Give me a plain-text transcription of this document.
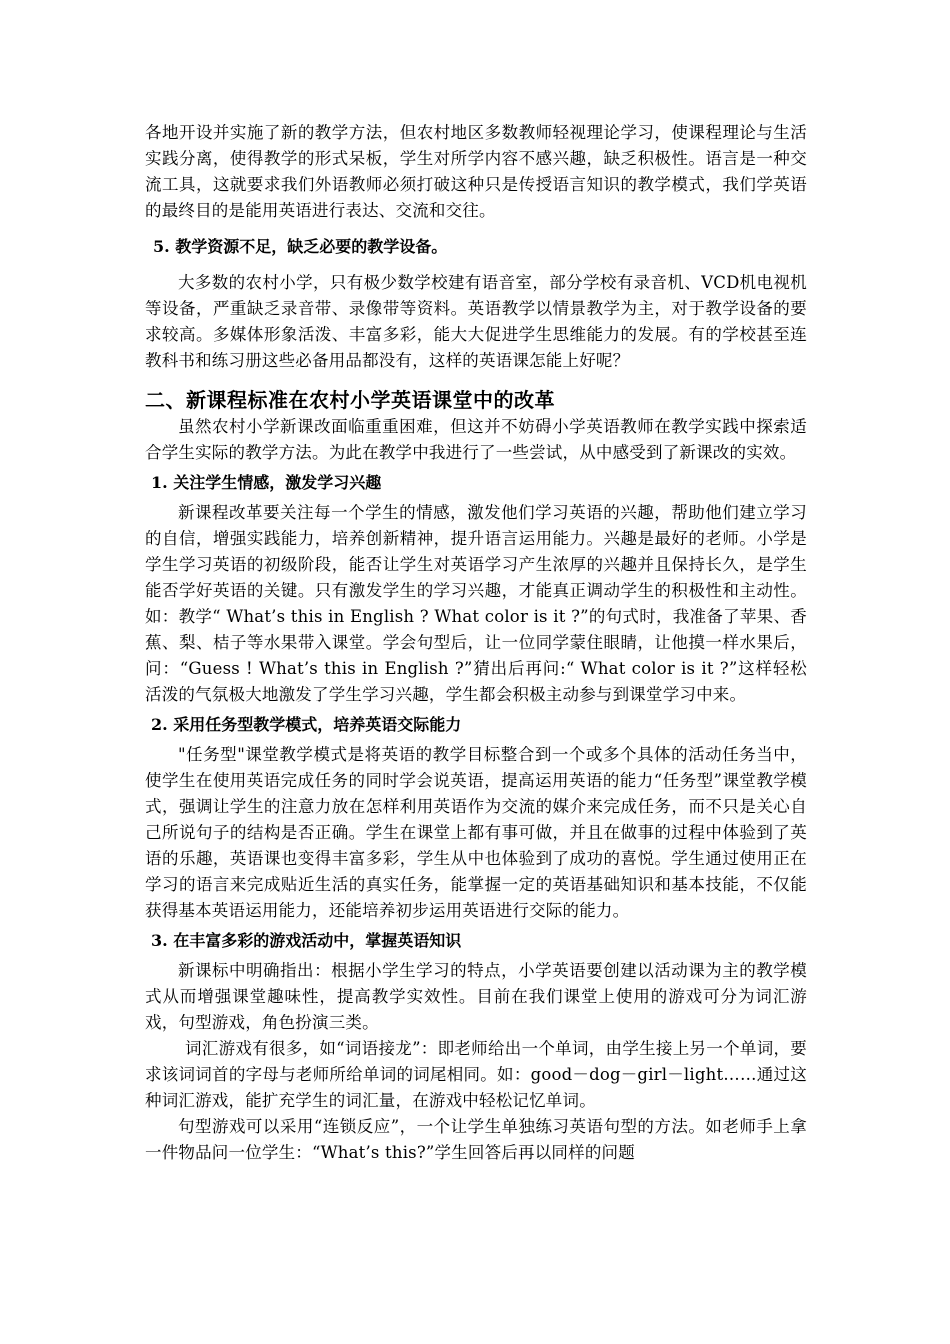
各地开设并实施了新的教学方法，但农村地区多数教师轻视理论学习，使课程理论与生活实践分离，使得教学的形式呆板，学生对所学内容不感兴趣，缺乏积极性。语言是一种交流工具，这就要求我们外语教师必须打破这种只是传授语言知识的教学模式，我们学英语的最终目的是能用英语进行表达、交流和交往。

5. 教学资源不足，缺乏必要的教学设备。

大多数的农村小学，只有极少数学校建有语音室，部分学校有录音机、VCD机电视机等设备，严重缺乏录音带、录像带等资料。英语教学以情景教学为主，对于教学设备的要求较高。多媒体形象活泼、丰富多彩，能大大促进学生思维能力的发展。有的学校甚至连教科书和练习册这些必备用品都没有，这样的英语课怎能上好呢？

二、新课程标准在农村小学英语课堂中的改革

虽然农村小学新课改面临重重困难，但这并不妨碍小学英语教师在教学实践中探索适合学生实际的教学方法。为此在教学中我进行了一些尝试，从中感受到了新课改的实效。

1. 关注学生情感，激发学习兴趣

新课程改革要关注每一个学生的情感，激发他们学习英语的兴趣，帮助他们建立学习的自信，增强实践能力，培养创新精神，提升语言运用能力。兴趣是最好的老师。小学是学生学习英语的初级阶段，能否让学生对英语学习产生浓厚的兴趣并且保持长久，是学生能否学好英语的关键。只有激发学生的学习兴趣，才能真正调动学生的积极性和主动性。如：教学“ What’s this in English ? What color is it ?”的句式时，我准备了苹果、香蕉、梨、桔子等水果带入课堂。学会句型后，让一位同学蒙住眼睛，让他摸一样水果后，问：“Guess ! What’s this in English ?”猜出后再问:“ What color is it ?”这样轻松活泼的气氛极大地激发了学生学习兴趣，学生都会积极主动参与到课堂学习中来。

2. 采用任务型教学模式，培养英语交际能力

"任务型"课堂教学模式是将英语的教学目标整合到一个或多个具体的活动任务当中，使学生在使用英语完成任务的同时学会说英语，提高运用英语的能力“任务型”课堂教学模式，强调让学生的注意力放在怎样利用英语作为交流的媒介来完成任务，而不只是关心自己所说句子的结构是否正确。学生在课堂上都有事可做，并且在做事的过程中体验到了英语的乐趣，英语课也变得丰富多彩，学生从中也体验到了成功的喜悦。学生通过使用正在学习的语言来完成贴近生活的真实任务，能掌握一定的英语基础知识和基本技能，不仅能获得基本英语运用能力，还能培养初步运用英语进行交际的能力。

3. 在丰富多彩的游戏活动中，掌握英语知识

新课标中明确指出：根据小学生学习的特点，小学英语要创建以活动课为主的教学模式从而增强课堂趣味性，提高教学实效性。目前在我们课堂上使用的游戏可分为词汇游戏，句型游戏，角色扮演三类。

词汇游戏有很多，如“词语接龙”：即老师给出一个单词，由学生接上另一个单词，要求该词词首的字母与老师所给单词的词尾相同。如：good－dog－girl－light……通过这种词汇游戏，能扩充学生的词汇量，在游戏中轻松记忆单词。

句型游戏可以采用“连锁反应”，一个让学生单独练习英语句型的方法。如老师手上拿一件物品问一位学生：“What’s this?”学生回答后再以同样的问题
